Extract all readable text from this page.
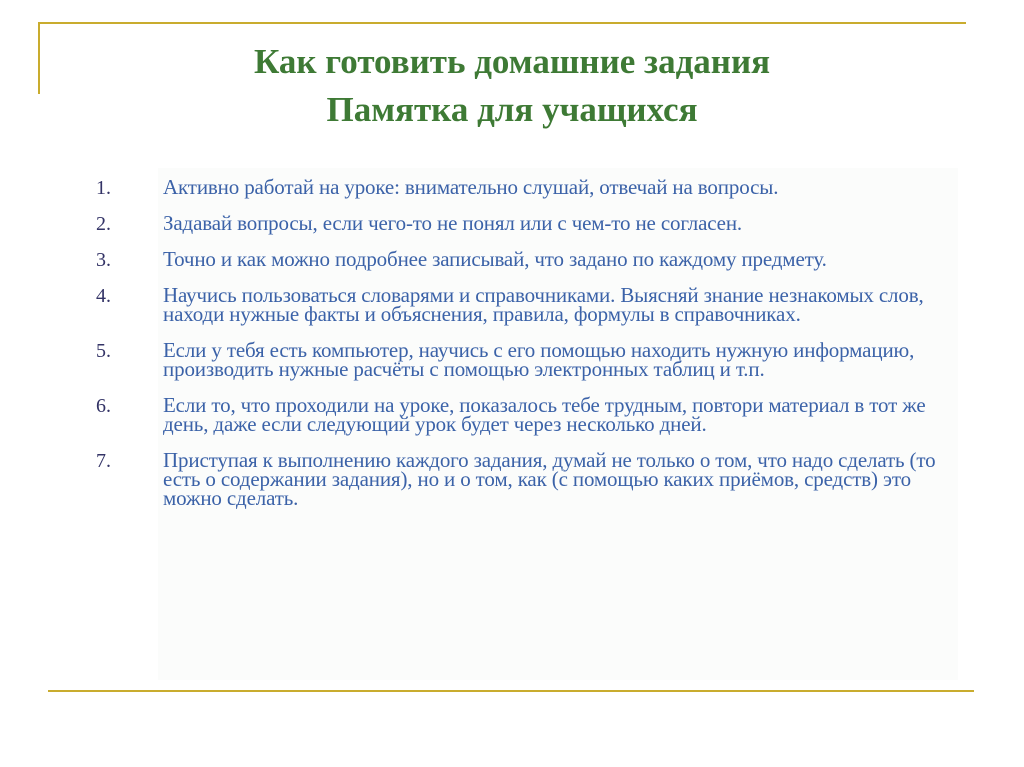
Как готовить домашние задания
Памятка для учащихся
1.	Активно работай на уроке: внимательно слушай, отвечай на вопросы.
2.	Задавай вопросы, если чего-то не понял или с чем-то не согласен.
3.	Точно и как можно подробнее записывай, что задано по каждому предмету.
4.	Научись пользоваться словарями и справочниками. Выясняй знание незнакомых слов, находи нужные факты и объяснения, правила, формулы в справочниках.
5.	Если у тебя есть компьютер, научись с его помощью находить нужную информацию, производить нужные расчёты с помощью электронных таблиц и т.п.
6.	Если то, что проходили на уроке, показалось тебе трудным, повтори материал в тот же день, даже если следующий урок будет через несколько дней.
7.	Приступая к выполнению каждого задания, думай не только о том, что надо сделать (то есть о содержании задания), но и о том, как (с помощью каких приёмов, средств) это можно сделать.
